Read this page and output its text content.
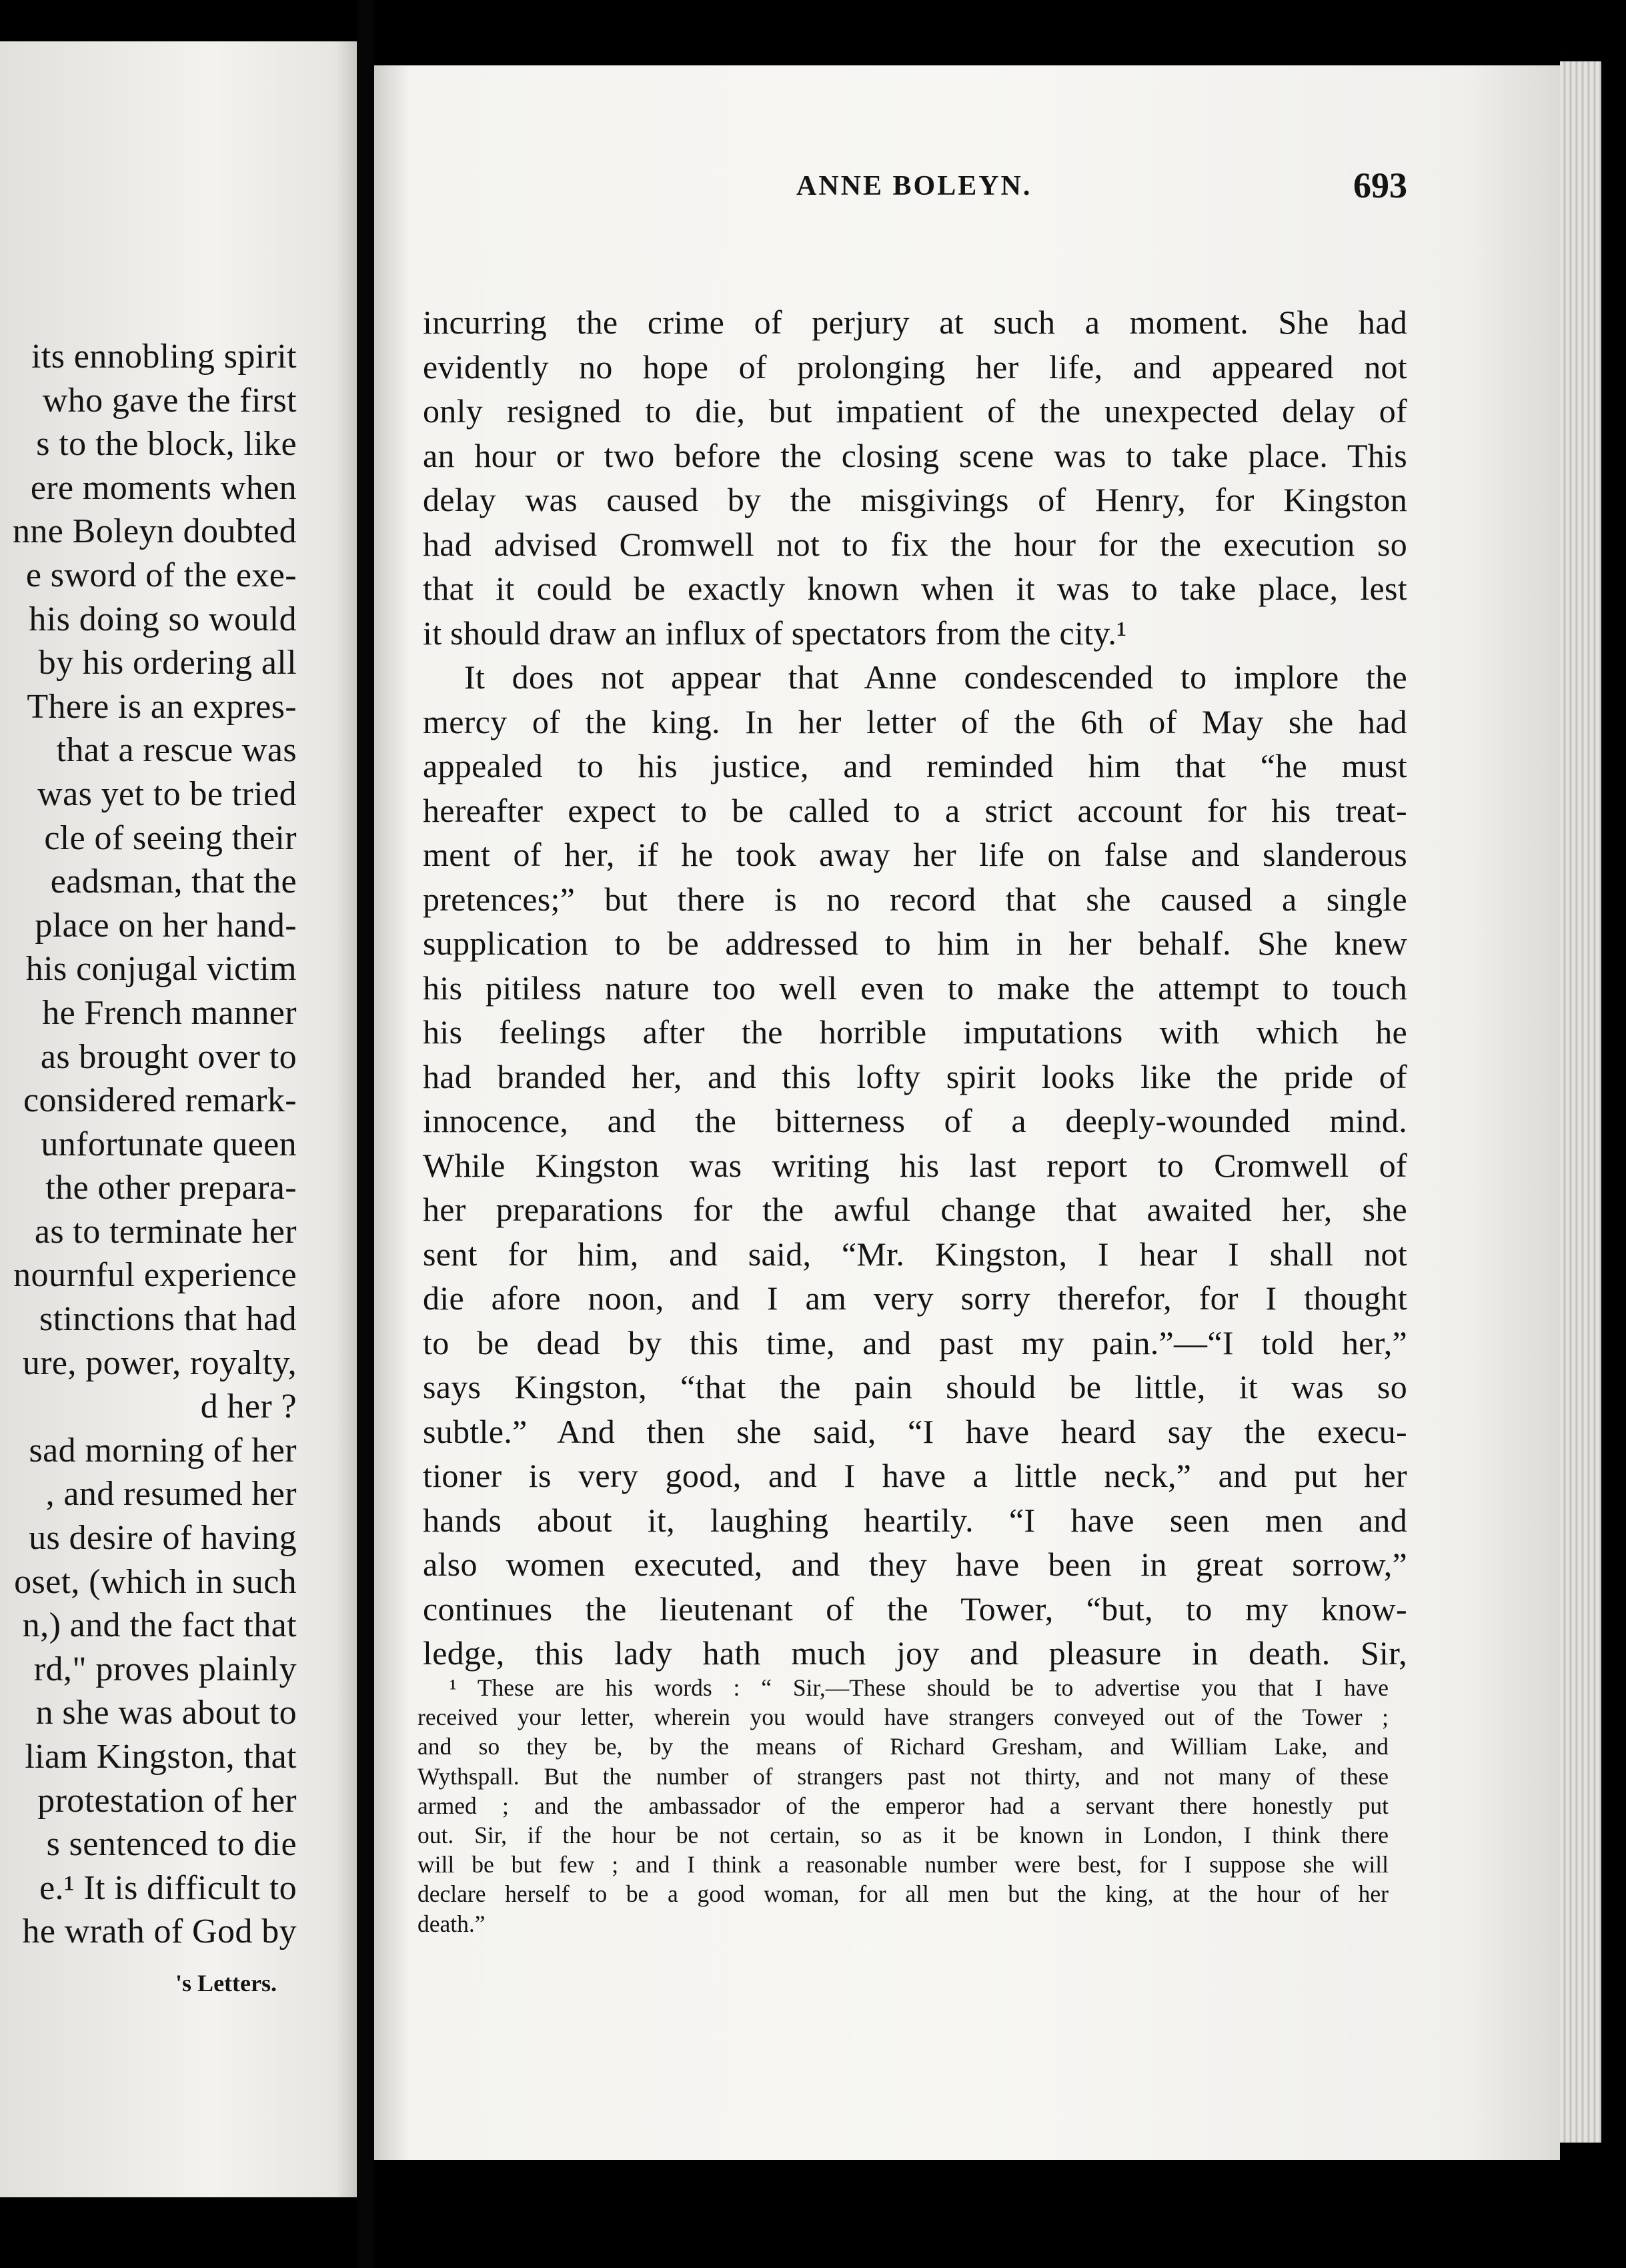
its ennobling spirit
who gave the first
s to the block, like
ere moments when
nne Boleyn doubted
e sword of the exe-
his doing so would
by his ordering all
There is an expres-
that a rescue was
was yet to be tried
cle of seeing their
eadsman, that the
place on her hand-
his conjugal victim
he French manner
as brought over to
considered remark-
unfortunate queen
the other prepara-
as to terminate her
nournful experience
stinctions that had
ure, power, royalty,
d her ?
sad morning of her
, and resumed her
us desire of having
oset, (which in such
n,) and the fact that
rd," proves plainly
n she was about to
liam Kingston, that
protestation of her
s sentenced to die
e.¹ It is difficult to
he wrath of God by
's Letters.
ANNE BOLEYN.	693
incurring the crime of perjury at such a moment. She had
evidently no hope of prolonging her life, and appeared not
only resigned to die, but impatient of the unexpected delay of
an hour or two before the closing scene was to take place. This
delay was caused by the misgivings of Henry, for Kingston
had advised Cromwell not to fix the hour for the execution so
that it could be exactly known when it was to take place, lest
it should draw an influx of spectators from the city.¹
It does not appear that Anne condescended to implore the
mercy of the king. In her letter of the 6th of May she had
appealed to his justice, and reminded him that “he must
hereafter expect to be called to a strict account for his treat-
ment of her, if he took away her life on false and slanderous
pretences;” but there is no record that she caused a single
supplication to be addressed to him in her behalf. She knew
his pitiless nature too well even to make the attempt to touch
his feelings after the horrible imputations with which he
had branded her, and this lofty spirit looks like the pride of
innocence, and the bitterness of a deeply-wounded mind.
While Kingston was writing his last report to Cromwell of
her preparations for the awful change that awaited her, she
sent for him, and said, “Mr. Kingston, I hear I shall not
die afore noon, and I am very sorry therefor, for I thought
to be dead by this time, and past my pain.”—“I told her,”
says Kingston, “that the pain should be little, it was so
subtle.” And then she said, “I have heard say the execu-
tioner is very good, and I have a little neck,” and put her
hands about it, laughing heartily. “I have seen men and
also women executed, and they have been in great sorrow,”
continues the lieutenant of the Tower, “but, to my know-
ledge, this lady hath much joy and pleasure in death. Sir,
¹ These are his words : “ Sir,—These should be to advertise you that I have
received your letter, wherein you would have strangers conveyed out of the Tower ;
and so they be, by the means of Richard Gresham, and William Lake, and
Wythspall. But the number of strangers past not thirty, and not many of these
armed ; and the ambassador of the emperor had a servant there honestly put
out. Sir, if the hour be not certain, so as it be known in London, I think there
will be but few ; and I think a reasonable number were best, for I suppose she will
declare herself to be a good woman, for all men but the king, at the hour of her
death.”
